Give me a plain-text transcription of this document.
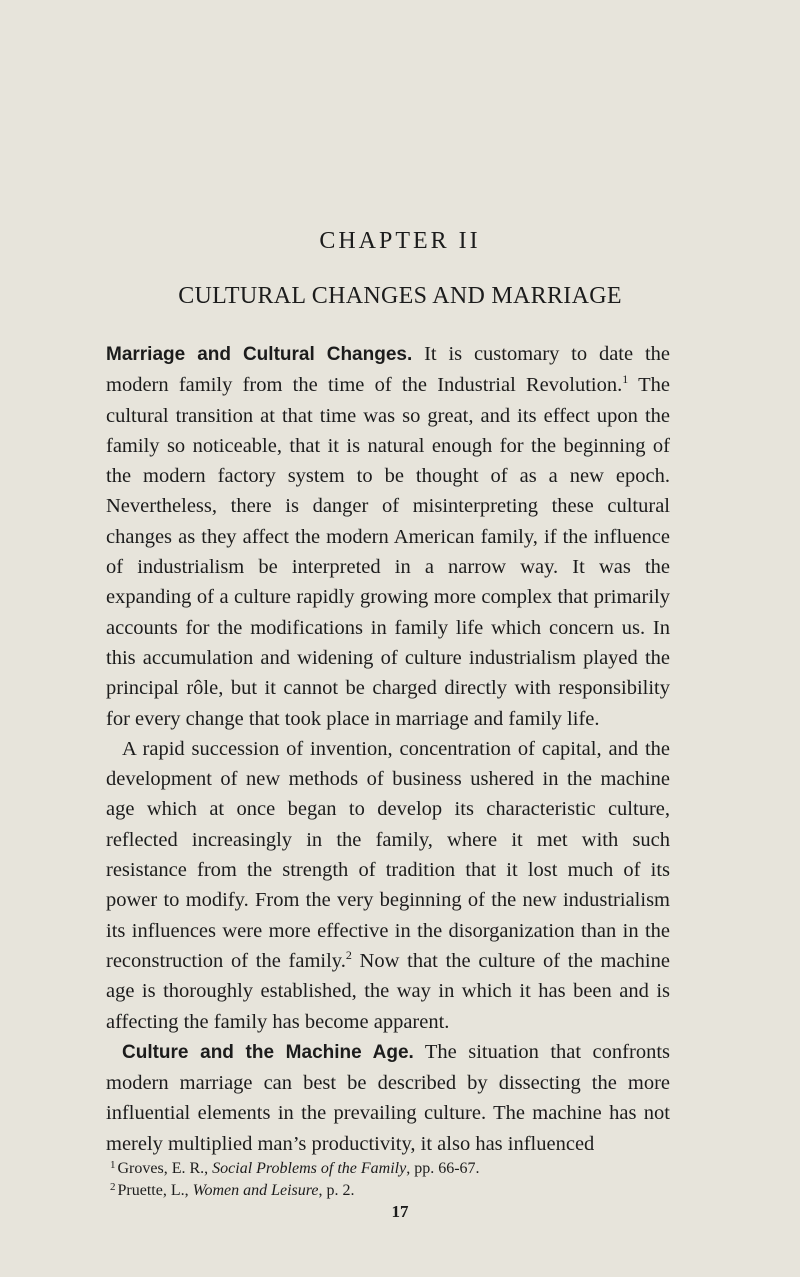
CHAPTER II
CULTURAL CHANGES AND MARRIAGE

Marriage and Cultural Changes. It is customary to date the modern family from the time of the Industrial Revolution.$^1$ The cultural transition at that time was so great, and its effect upon the family so noticeable, that it is natural enough for the beginning of the modern factory system to be thought of as a new epoch. Nevertheless, there is danger of misinterpreting these cultural changes as they affect the modern American family, if the influence of industrialism be interpreted in a narrow way. It was the expanding of a culture rapidly growing more complex that primarily accounts for the modifications in family life which concern us. In this accumulation and widening of culture industrialism played the principal rôle, but it cannot be charged directly with responsibility for every change that took place in marriage and family life.

A rapid succession of invention, concentration of capital, and the development of new methods of business ushered in the machine age which at once began to develop its characteristic culture, reflected increasingly in the family, where it met with such resistance from the strength of tradition that it lost much of its power to modify. From the very beginning of the new industrialism its influences were more effective in the disorganization than in the reconstruction of the family.$^2$ Now that the culture of the machine age is thoroughly established, the way in which it has been and is affecting the family has become apparent.

Culture and the Machine Age. The situation that confronts modern marriage can best be described by dissecting the more influential elements in the prevailing culture. The machine has not merely multiplied man’s productivity, it also has influenced

$^1$ Groves, E. R., Social Problems of the Family, pp. 66-67.

$^2$ Pruette, L., Women and Leisure, p. 2.

17
